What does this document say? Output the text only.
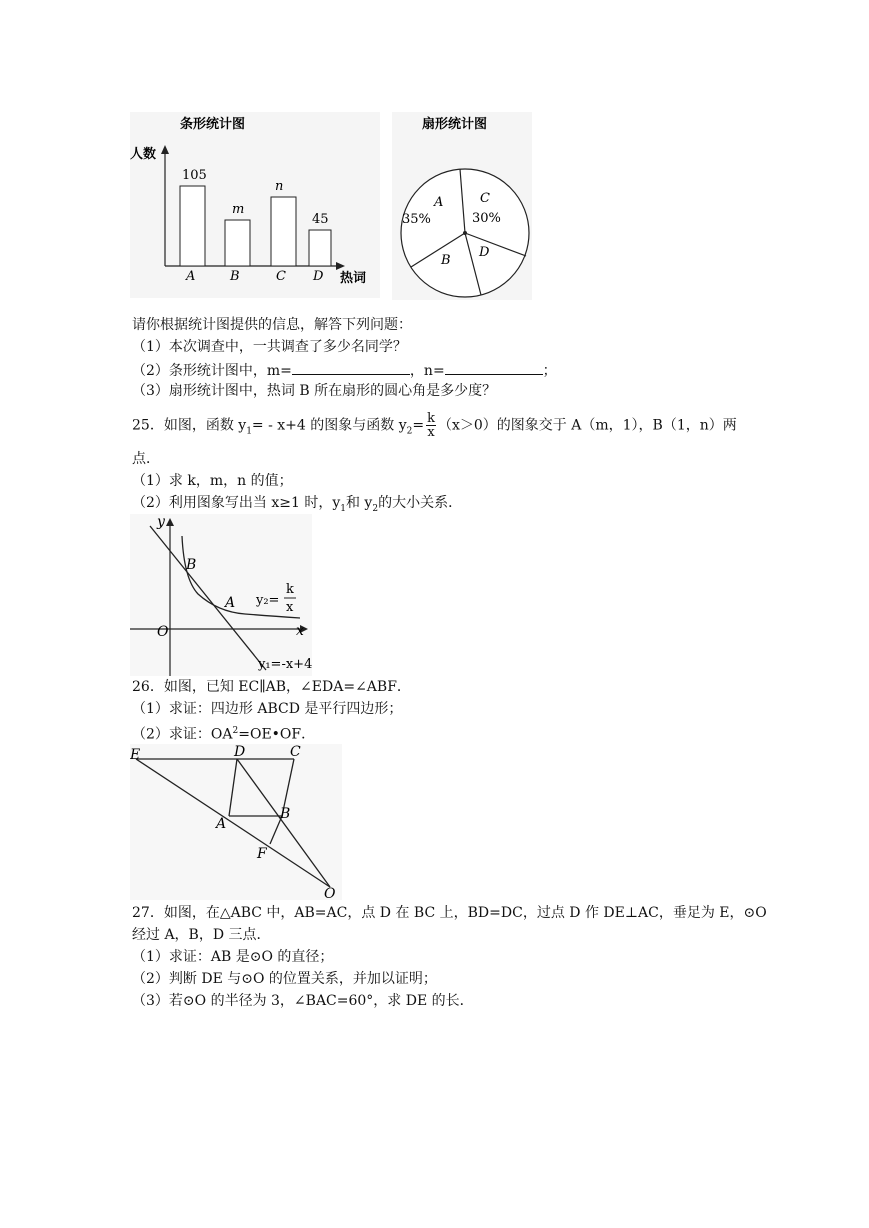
条形统计图
人数
热词
105
m
n
45
A	B	C D
扇形统计图
A
35%
C
30%
B
D
请你根据统计图提供的信息，解答下列问题：
（1）本次调查中，一共调查了多少名同学？
（2）条形统计图中，m=	，n=	；
（3）扇形统计图中，热词 B 所在扇形的圆心角是多少度？
25．如图，函数 $y_1= - x+4$ 的图象与函数 $y_2= \frac{k}{x} (x>0)$的图象交于 A（m，1），B（1，n）两
点．
（1）求 k，m，n 的值；
（2）利用图象写出当 x≥1 时，$y_1$和 $y_2$的大小关系．
y
x
O
B
A y₂=
k
x
y₁=-x+4
26．如图，已知 EC∥AB，∠EDA=∠ABF．
（1）求证：四边形 ABCD 是平行四边形；
（2）求证：$OA^2=OE•OF$．
E	D	C
A
B
F
O
27．如图，在△ABC 中，AB=AC，点 D 在 BC 上，BD=DC，过点 D 作 DE⊥AC，垂足为 E，⊙O
经过 A，B，D 三点．
（1）求证：AB 是⊙O 的直径；
（2）判断 DE 与⊙O 的位置关系，并加以证明；
（3）若⊙O 的半径为 3，∠BAC=60°，求 DE 的长．
